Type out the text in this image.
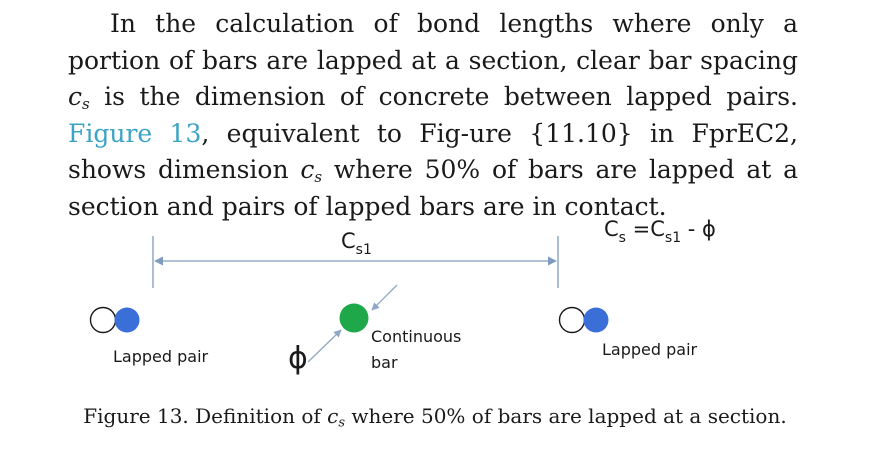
In the calculation of bond lengths where only a portion of bars are lapped at a section, clear bar spacing $c_s$ is the dimension of concrete between lapped pairs. Figure 13, equivalent to Fig-ure {11.10} in FprEC2, shows dimension $c_s$ where 50% of bars are lapped at a section and pairs of lapped bars are in contact.
$C_{s1}$
$C_s =C_{s1} - \phi$
Lapped pair	ϕ
Continuous
bar
Lapped pair
Figure 13. Definition of $c_s$ where 50% of bars are lapped at a section.
